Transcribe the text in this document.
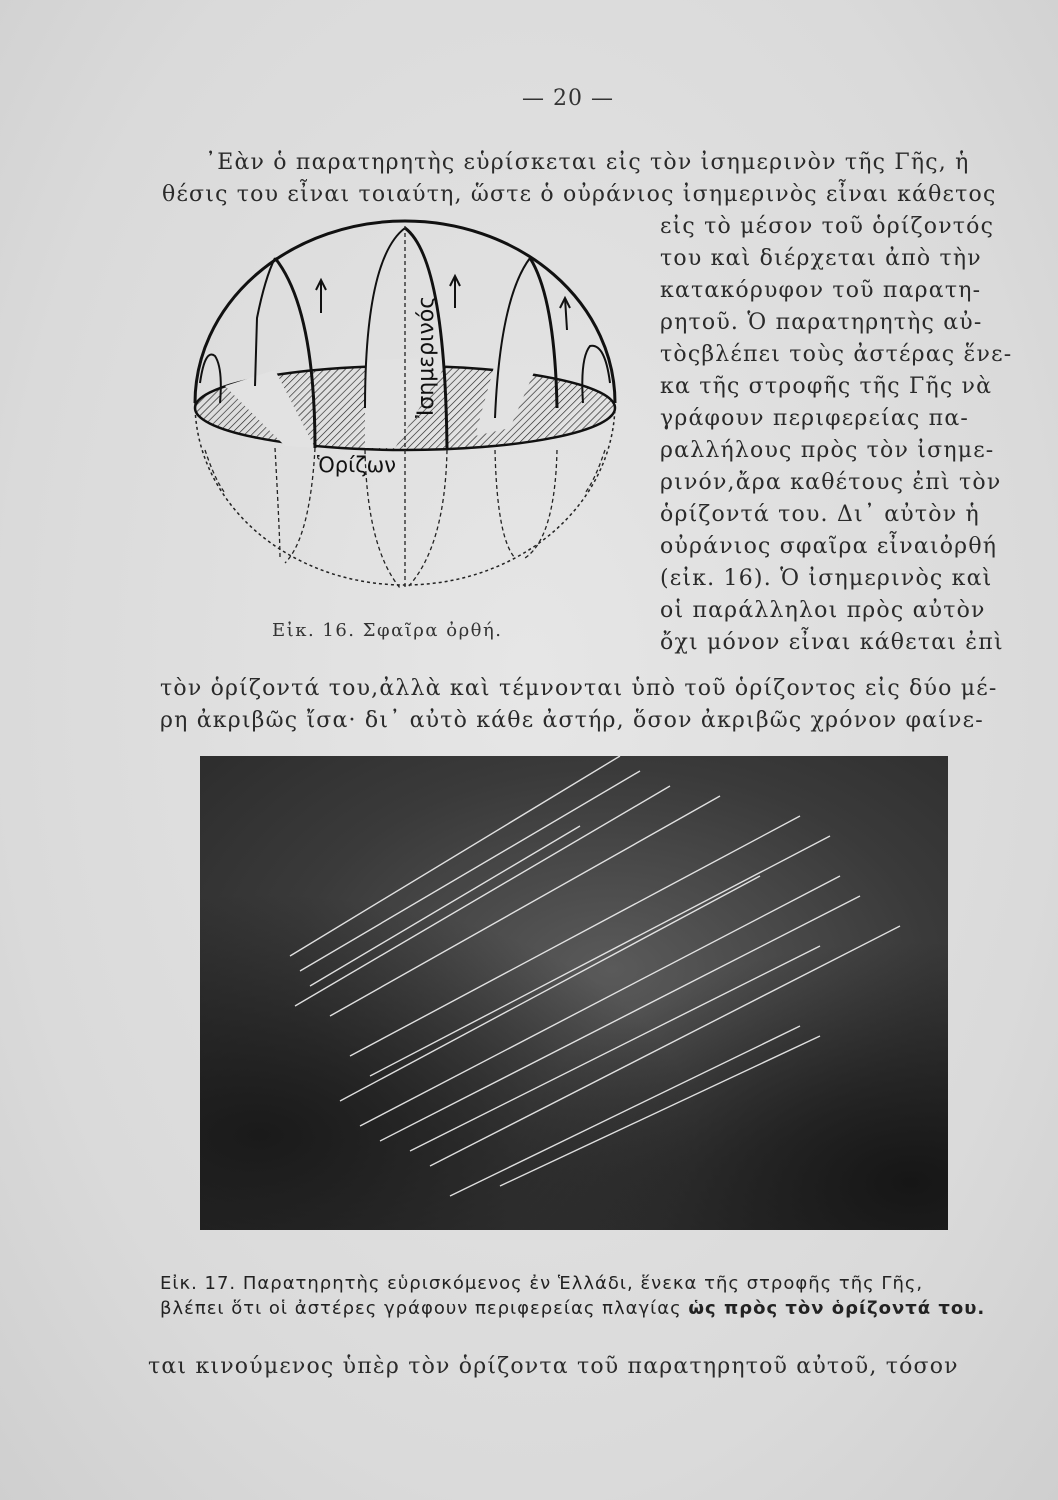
— 20 —
᾿Εὰν ὁ παρατηρητὴς εὑρίσκεται εἰς τὸν ἰσημερινὸν τῆς Γῆς, ἡ
θέσις του εἶναι τοιαύτη, ὥστε ὁ οὐράνιος ἰσημερινὸς εἶναι κάθετος
εἰς τὸ μέσον τοῦ ὁρίζοντός
του καὶ διέρχεται ἀπὸ τὴν
κατακόρυφον τοῦ παρατη-
ρητοῦ. Ὁ παρατηρητὴς αὐ-
τὸςβλέπει τοὺς ἀστέρας ἕνε-
κα τῆς στροφῆς τῆς Γῆς νὰ
γράφουν περιφερείας πα-
ραλλήλους πρὸς τὸν ἰσημε-
ρινόν,ἄρα καθέτους ἐπὶ τὸν
ὁρίζοντά του. Δι᾿ αὐτὸν ἡ
οὐράνιος σφαῖρα εἶναιὀρθή
(εἰκ. 16). Ὁ ἰσημερινὸς καὶ
οἱ παράλληλοι πρὸς αὐτὸν
ὄχι μόνον εἶναι κάθεται ἐπὶ
Ἰσημερινός
Ὁρίζων
Εἰκ. 16. Σφαῖρα ὀρθή.
τὸν ὁρίζοντά του,ἀλλὰ καὶ τέμνονται ὑπὸ τοῦ ὁρίζοντος εἰς δύο μέ-
ρη ἀκριβῶς ἴσα· δι᾿ αὐτὸ κάθε ἀστήρ, ὅσον ἀκριβῶς χρόνον φαίνε-
Εἰκ. 17. Παρατηρητὴς εὑρισκόμενος ἐν Ἑλλάδι, ἕνεκα τῆς στροφῆς τῆς Γῆς,
βλέπει ὅτι οἱ ἀστέρες γράφουν περιφερείας πλαγίας ὡς πρὸς τὸν ὁρίζοντά του.
ται κινούμενος ὑπὲρ τὸν ὁρίζοντα τοῦ παρατηρητοῦ αὐτοῦ, τόσον
